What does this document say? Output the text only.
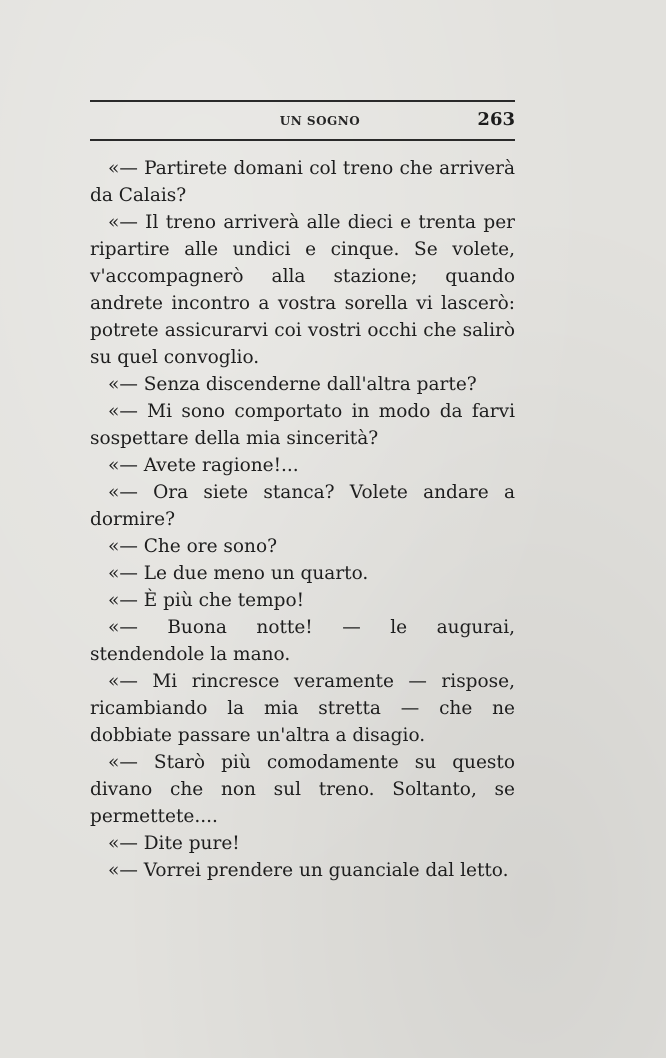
UN SOGNO	263

«— Partirete domani col treno che arriverà da Calais?

«— Il treno arriverà alle dieci e trenta per ripartire alle undici e cinque. Se volete, v'accompagnerò alla stazione; quando andrete incontro a vostra sorella vi lascerò: potrete assicurarvi coi vostri occhi che salirò su quel convoglio.

«— Senza discenderne dall'altra parte?

«— Mi sono comportato in modo da farvi sospettare della mia sincerità?

«— Avete ragione!...

«— Ora siete stanca? Volete andare a dormire?

«— Che ore sono?

«— Le due meno un quarto.

«— È più che tempo!

«— Buona notte! — le augurai, stendendole la mano.

«— Mi rincresce veramente — rispose, ricambiando la mia stretta — che ne dobbiate passare un'altra a disagio.

«— Starò più comodamente su questo divano che non sul treno. Soltanto, se permettete....

«— Dite pure!

«— Vorrei prendere un guanciale dal letto.
